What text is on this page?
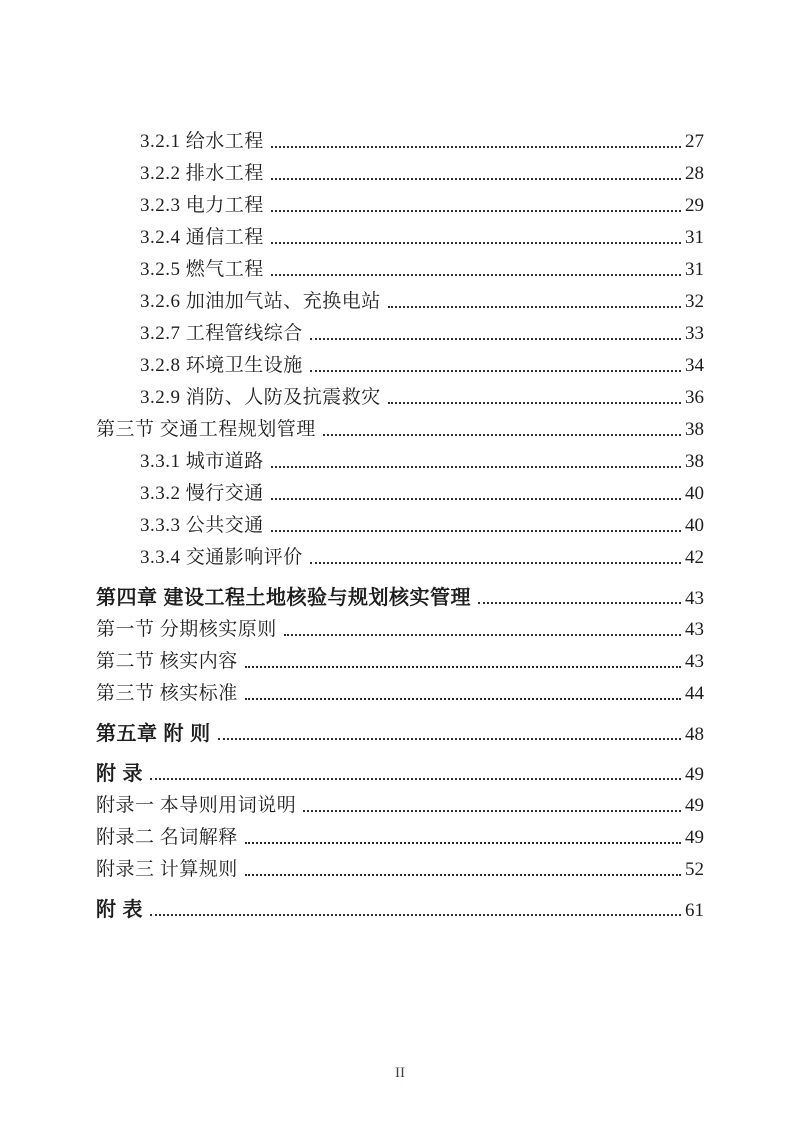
3.2.1 给水工程	27
3.2.2 排水工程	28
3.2.3 电力工程	29
3.2.4 通信工程	31
3.2.5 燃气工程	31
3.2.6 加油加气站、充换电站	32
3.2.7 工程管线综合	33
3.2.8 环境卫生设施	34
3.2.9 消防、人防及抗震救灾	36
第三节 交通工程规划管理	38
3.3.1 城市道路	38
3.3.2 慢行交通	40
3.3.3 公共交通	40
3.3.4 交通影响评价	42
第四章 建设工程土地核验与规划核实管理	43
第一节 分期核实原则	43
第二节 核实内容	43
第三节 核实标准	44
第五章 附 则	48
附 录	49
附录一 本导则用词说明	49
附录二 名词解释	49
附录三 计算规则	52
附 表	61
II
